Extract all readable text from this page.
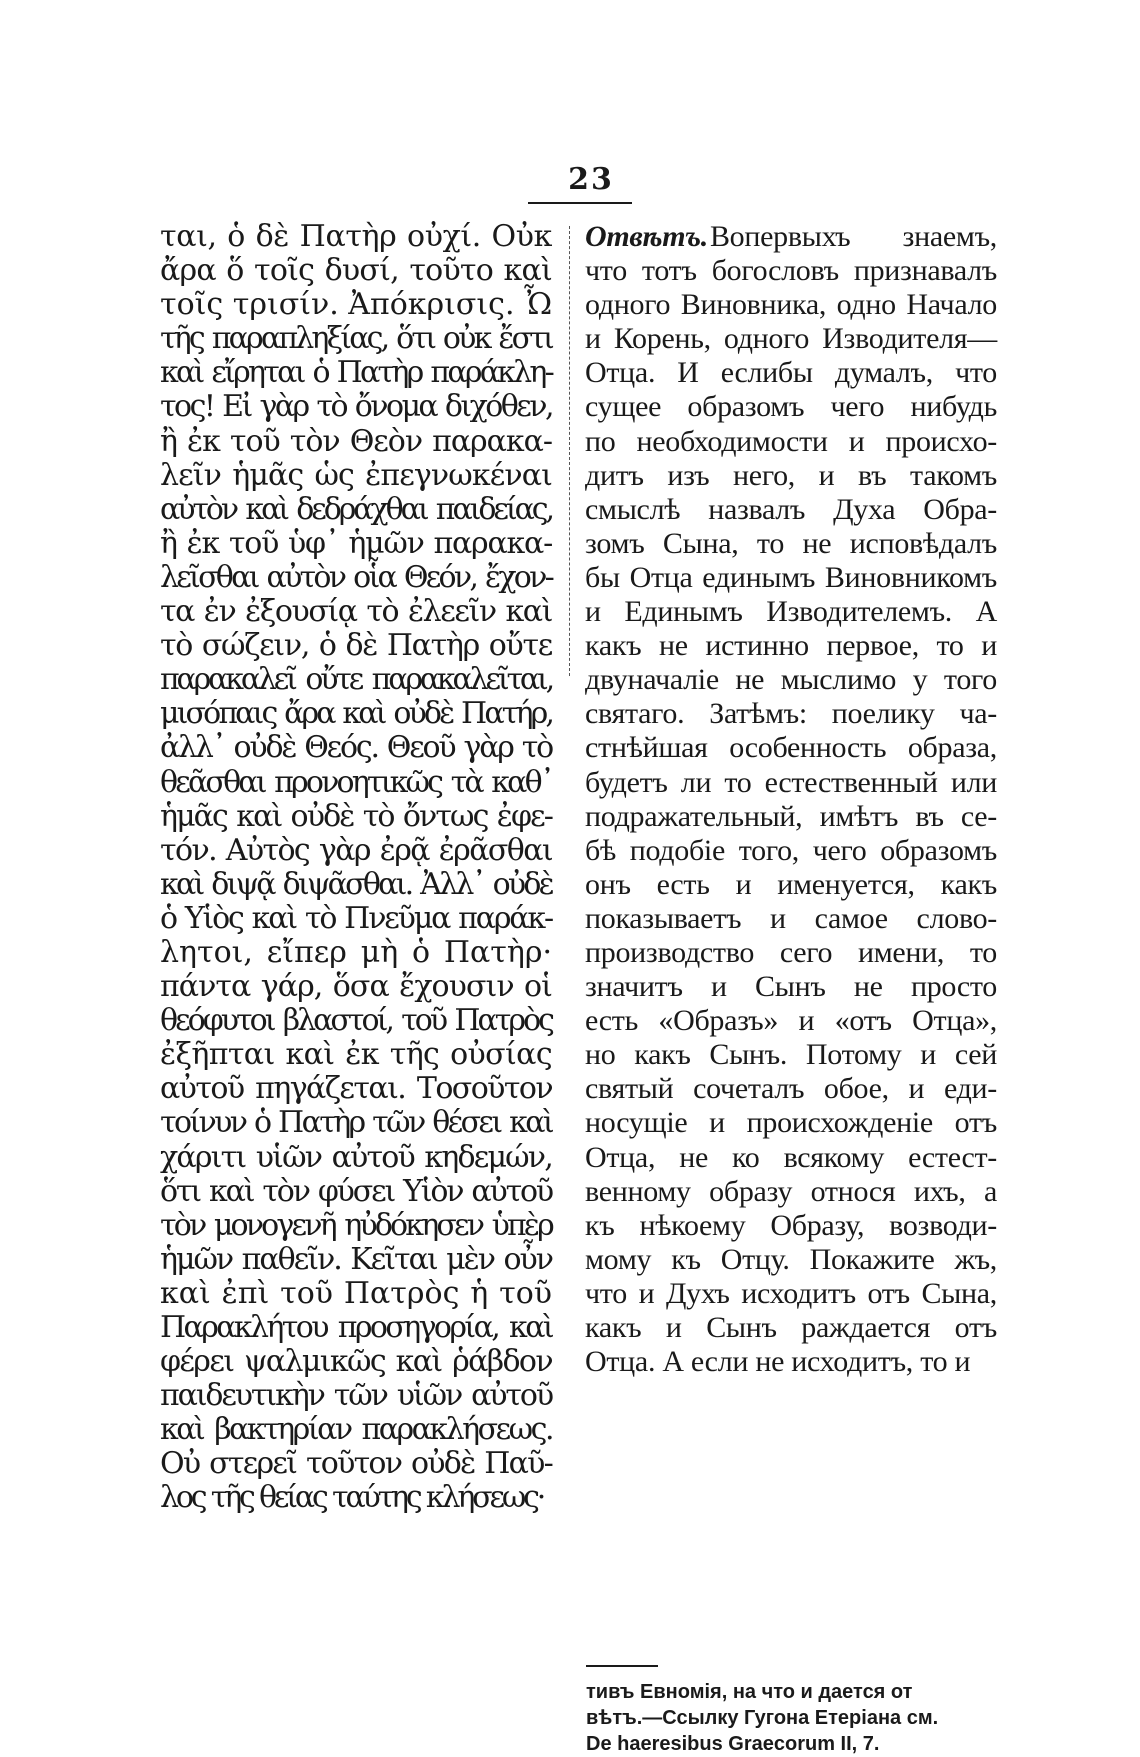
23
ται, ὁ δὲ Πατὴρ οὐχί. Οὐκ
ἄρα ὅ τοῖς δυσί, τοῦτο καὶ
τοῖς τρισίν. Ἀπόκρισις. Ὦ
τῆς παραπληξίας, ὅτι οὐκ ἔστι
καὶ εἴρηται ὁ Πατὴρ παράκλη-
τος! Εἰ γὰρ τὸ ὄνομα διχόθεν,
ἢ ἐκ τοῦ τὸν Θεὸν παρακα-
λεῖν ἡμᾶς ὡς ἐπεγνωκέναι
αὐτὸν καὶ δεδράχθαι παιδείας,
ἢ ἐκ τοῦ ὑφ᾽ ἡμῶν παρακα-
λεῖσθαι αὐτὸν οἷα Θεόν, ἔχον-
τα ἐν ἐξουσίᾳ τὸ ἐλεεῖν καὶ
τὸ σώζειν, ὁ δὲ Πατὴρ οὔτε
παρακαλεῖ οὔτε παρακαλεῖται,
μισόπαις ἄρα καὶ οὐδὲ Πατήρ,
ἀλλ᾽ οὐδὲ Θεός. Θεοῦ γὰρ τὸ
θεᾶσθαι προνοητικῶς τὰ καθ᾽
ἡμᾶς καὶ οὐδὲ τὸ ὄντως ἐφε-
τόν. Αὐτὸς γὰρ ἐρᾷ ἐρᾶσθαι
καὶ διψᾷ διψᾶσθαι. Ἀλλ᾽ οὐδὲ
ὁ Υἱὸς καὶ τὸ Πνεῦμα παράκ-
λητοι, εἴπερ μὴ ὁ Πατὴρ·
πάντα γάρ, ὅσα ἔχουσιν οἱ
θεόφυτοι βλαστοί, τοῦ Πατρὸς
ἐξῆπται καὶ ἐκ τῆς οὐσίας
αὐτοῦ πηγάζεται. Τοσοῦτον
τοίνυν ὁ Πατὴρ τῶν θέσει καὶ
χάριτι υἱῶν αὐτοῦ κηδεμών,
ὅτι καὶ τὸν φύσει Υἱὸν αὐτοῦ
τὸν μονογενῆ ηὐδόκησεν ὑπὲρ
ἡμῶν παθεῖν. Κεῖται μὲν οὖν
καὶ ἐπὶ τοῦ Πατρὸς ἡ τοῦ
Παρακλήτου προσηγορία, καὶ
φέρει ψαλμικῶς καὶ ῥάβδον
παιδευτικὴν τῶν υἱῶν αὐτοῦ
καὶ βακτηρίαν παρακλήσεως.
Οὐ στερεῖ τοῦτον οὐδὲ Παῦ-
λος τῆς θείας ταύτης κλήσεως·
Отвѣтъ.Вопервыхъ знаемъ,
что тотъ богословъ признавалъ
одного Виновника, одно Начало
и Корень, одного Изводителя—
Отца. И еслибы думалъ, что
сущее образомъ чего нибудь
по необходимости и происхо-
дитъ изъ него, и въ такомъ
смыслѣ назвалъ Духа Обра-
зомъ Сына, то не исповѣдалъ
бы Отца единымъ Виновникомъ
и Единымъ Изводителемъ. А
какъ не истинно первое, то и
двуначаліе не мыслимо у того
святаго. Затѣмъ: поелику ча-
стнѣйшая особенность образа,
будетъ ли то естественный или
подражательный, имѣтъ въ се-
бѣ подобіе того, чего образомъ
онъ есть и именуется, какъ
показываетъ и самое слово-
производство сего имени, то
значитъ и Сынъ не просто
есть «Образъ» и «отъ Отца»,
но какъ Сынъ. Потому и сей
святый сочеталъ обое, и еди-
носущіе и происхожденіе отъ
Отца, не ко всякому естест-
венному образу относя ихъ, а
къ нѣкоему Образу, возводи-
мому къ Отцу. Покажите жъ,
что и Духъ исходитъ отъ Сына,
какъ и Сынъ раждается отъ
Отца. А если не исходитъ, то и
тивъ Евномія, на что и дается от
вѣтъ.—Ссылку Гугона Етеріана см.
De haeresibus Graecorum II, 7.
